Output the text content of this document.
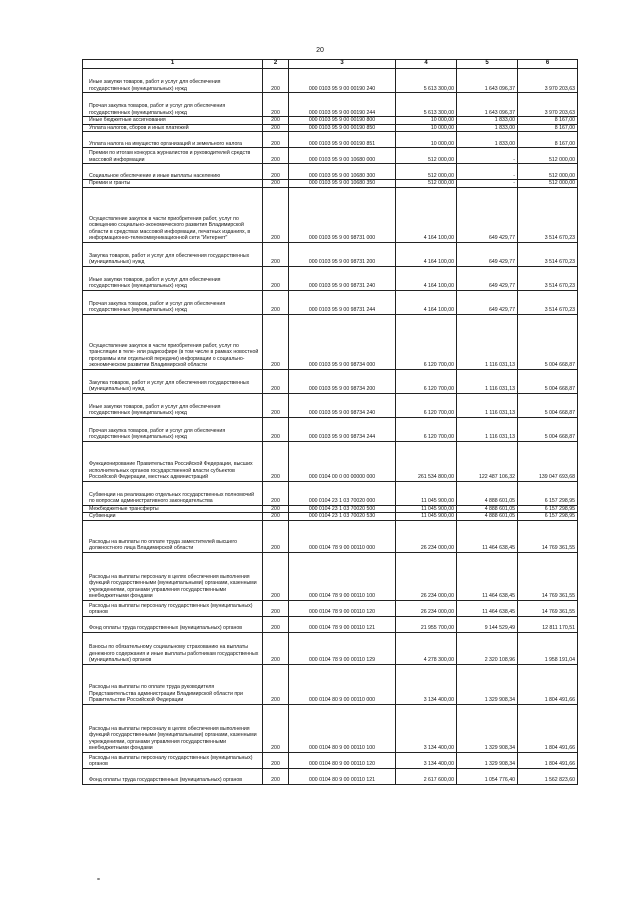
20
1	2	3	4	5	6

Иные закупки товаров, работ и услуг для обеспечения государственных (муниципальных) нужд	200	000 0103 95 9 00 00190 240	5 613 300,00	1 643 096,37	3 970 203,63

Прочая закупка товаров, работ и услуг для обеспечения государственных (муниципальных) нужд	200	000 0103 95 9 00 00190 244	5 613 300,00	1 643 096,37	3 970 203,63

Иные бюджетные ассигнования	200	000 0103 95 9 00 00190 800	10 000,00	1 833,00	8 167,00

Уплата налогов, сборов и иных платежей	200	000 0103 95 9 00 00190 850	10 000,00	1 833,00	8 167,00

Уплата налога на имущество организаций и земельного налога	200	000 0103 95 9 00 00190 851	10 000,00	1 833,00	8 167,00

Премии по итогам конкурса журналистов и руководителей средств массовой информации	200	000 0103 95 9 00 10680 000	512 000,00	-	512 000,00

Социальное обеспечение и иные выплаты населению	200	000 0103 95 9 00 10680 300	512 000,00	-	512 000,00

Премии и гранты	200	000 0103 95 9 00 10680 350	512 000,00	-	512 000,00

Осуществление закупок в части приобретения работ, услуг по освещению социально-экономического развития Владимирской области в средствах массовой информации, печатных изданиях, в информационно-телекоммуникационной сети "Интернет"	200	000 0103 95 9 00 98731 000	4 164 100,00	649 429,77	3 514 670,23

Закупка товаров, работ и услуг для обеспечения государственных (муниципальных) нужд	200	000 0103 95 9 00 98731 200	4 164 100,00	649 429,77	3 514 670,23

Иные закупки товаров, работ и услуг для обеспечения государственных (муниципальных) нужд	200	000 0103 95 9 00 98731 240	4 164 100,00	649 429,77	3 514 670,23

Прочая закупка товаров, работ и услуг для обеспечения государственных (муниципальных) нужд	200	000 0103 95 9 00 98731 244	4 164 100,00	649 429,77	3 514 670,23

Осуществление закупок в части приобретения работ, услуг по трансляции в теле- или радиоэфире (в том числе в рамках новостной программы или отдельной передачи) информации о социально-экономическом развитии Владимирской области	200	000 0103 95 9 00 98734 000	6 120 700,00	1 116 031,13	5 004 668,87

Закупка товаров, работ и услуг для обеспечения государственных (муниципальных) нужд	200	000 0103 95 9 00 98734 200	6 120 700,00	1 116 031,13	5 004 668,87

Иные закупки товаров, работ и услуг для обеспечения государственных (муниципальных) нужд	200	000 0103 95 9 00 98734 240	6 120 700,00	1 116 031,13	5 004 668,87

Прочая закупка товаров, работ и услуг для обеспечения государственных (муниципальных) нужд	200	000 0103 95 9 00 98734 244	6 120 700,00	1 116 031,13	5 004 668,87

Функционирование Правительства Российской Федерации, высших исполнительных органов государственной власти субъектов Российской Федерации, местных администраций	200	000 0104 00 0 00 00000 000	261 534 800,00	122 487 106,32	139 047 693,68

Субвенции на реализацию отдельных государственных полномочий по вопросам административного законодательства	200	000 0104 23 1 03 70020 000	11 045 900,00	4 888 601,05	6 157 298,95

Межбюджетные трансферты	200	000 0104 23 1 03 70020 500	11 045 900,00	4 888 601,05	6 157 298,95

Субвенции	200	000 0104 23 1 03 70020 530	11 045 900,00	4 888 601,05	6 157 298,95

Расходы на выплаты по оплате труда заместителей высшего должностного лица Владимирской области	200	000 0104 78 9 00 00110 000	26 234 000,00	11 464 638,45	14 769 361,55

Расходы на выплаты персоналу в целях обеспечения выполнения функций государственными (муниципальными) органами, казенными учреждениями, органами управления государственными внебюджетными фондами	200	000 0104 78 9 00 00110 100	26 234 000,00	11 464 638,45	14 769 361,55

Расходы на выплаты персоналу государственных (муниципальных) органов	200	000 0104 78 9 00 00110 120	26 234 000,00	11 464 638,45	14 769 361,55

Фонд оплаты труда государственных (муниципальных) органов	200	000 0104 78 9 00 00110 121	21 955 700,00	9 144 529,49	12 811 170,51

Взносы по обязательному социальному страхованию на выплаты денежного содержания и иные выплаты работникам государственных (муниципальных) органов	200	000 0104 78 9 00 00110 129	4 278 300,00	2 320 108,96	1 958 191,04

Расходы на выплаты по оплате труда руководителя Представительства администрации Владимирской области при Правительстве Российской Федерации	200	000 0104 80 9 00 00110 000	3 134 400,00	1 329 908,34	1 804 491,66

Расходы на выплаты персоналу в целях обеспечения выполнения функций государственными (муниципальными) органами, казенными учреждениями, органами управления государственными внебюджетными фондами	200	000 0104 80 9 00 00110 100	3 134 400,00	1 329 908,34	1 804 491,66

Расходы на выплаты персоналу государственных (муниципальных) органов	200	000 0104 80 9 00 00110 120	3 134 400,00	1 329 908,34	1 804 491,66

Фонд оплаты труда государственных (муниципальных) органов	200	000 0104 80 9 00 00110 121	2 617 600,00	1 054 776,40	1 562 823,60
